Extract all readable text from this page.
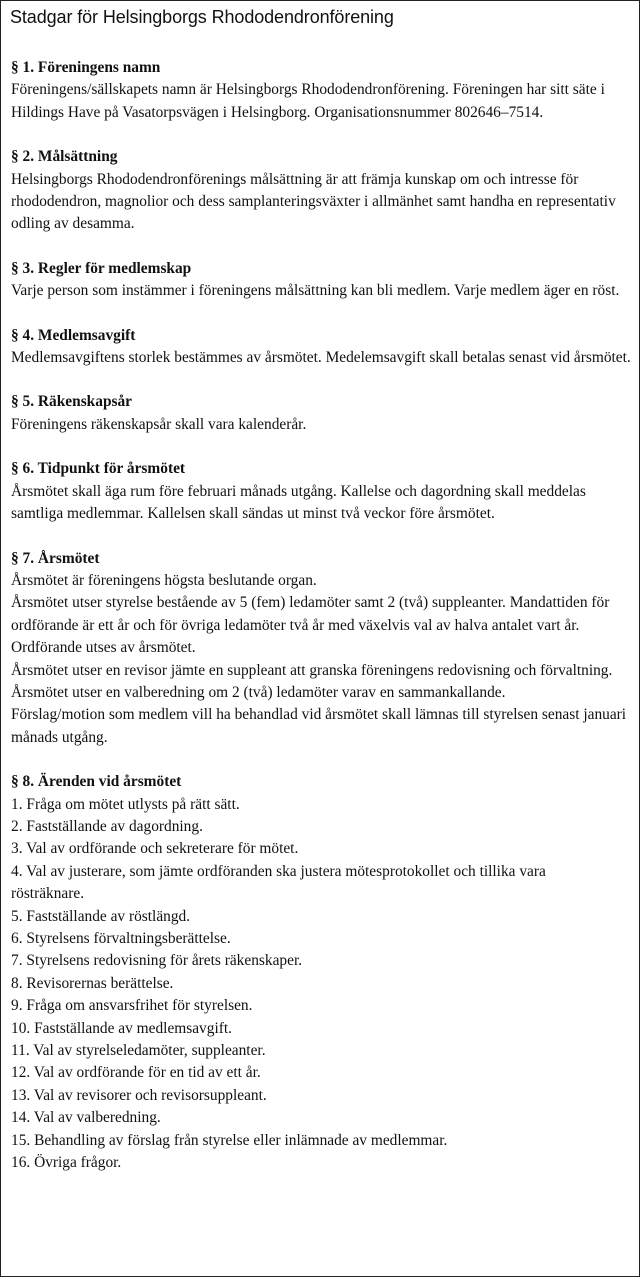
Stadgar för Helsingborgs Rhododendronförening
§ 1. Föreningens namn

Föreningens/sällskapets namn är Helsingborgs Rhododendronförening. Föreningen har sitt säte i Hildings Have på Vasatorpsvägen i Helsingborg. Organisationsnummer 802646–7514.

§ 2. Målsättning

Helsingborgs Rhododendronförenings målsättning är att främja kunskap om och intresse för rhododendron, magnolior och dess samplanteringsväxter i allmänhet samt handha en representativ odling av desamma.

§ 3. Regler för medlemskap

Varje person som instämmer i föreningens målsättning kan bli medlem. Varje medlem äger en röst.

§ 4. Medlemsavgift

Medlemsavgiftens storlek bestämmes av årsmötet. Medelemsavgift skall betalas senast vid årsmötet.

§ 5. Räkenskapsår

Föreningens räkenskapsår skall vara kalenderår.

§ 6. Tidpunkt för årsmötet

Årsmötet skall äga rum före februari månads utgång. Kallelse och dagordning skall meddelas samtliga medlemmar. Kallelsen skall sändas ut minst två veckor före årsmötet.

§ 7. Årsmötet

Årsmötet är föreningens högsta beslutande organ.

Årsmötet utser styrelse bestående av 5 (fem) ledamöter samt 2 (två) suppleanter. Mandattiden för ordförande är ett år och för övriga ledamöter två år med växelvis val av halva antalet vart år.

Ordförande utses av årsmötet.

Årsmötet utser en revisor jämte en suppleant att granska föreningens redovisning och förvaltning.

Årsmötet utser en valberedning om 2 (två) ledamöter varav en sammankallande.

Förslag/motion som medlem vill ha behandlad vid årsmötet skall lämnas till styrelsen senast januari månads utgång.

§ 8. Ärenden vid årsmötet

1. Fråga om mötet utlysts på rätt sätt.

2. Fastställande av dagordning.

3. Val av ordförande och sekreterare för mötet.

4. Val av justerare, som jämte ordföranden ska justera mötesprotokollet och tillika vara rösträknare.

5. Fastställande av röstlängd.

6. Styrelsens förvaltningsberättelse.

7. Styrelsens redovisning för årets räkenskaper.

8. Revisorernas berättelse.

9. Fråga om ansvarsfrihet för styrelsen.

10. Fastställande av medlemsavgift.

11. Val av styrelseledamöter, suppleanter.

12. Val av ordförande för en tid av ett år.

13. Val av revisorer och revisorsuppleant.

14. Val av valberedning.

15. Behandling av förslag från styrelse eller inlämnade av medlemmar.

16. Övriga frågor.
